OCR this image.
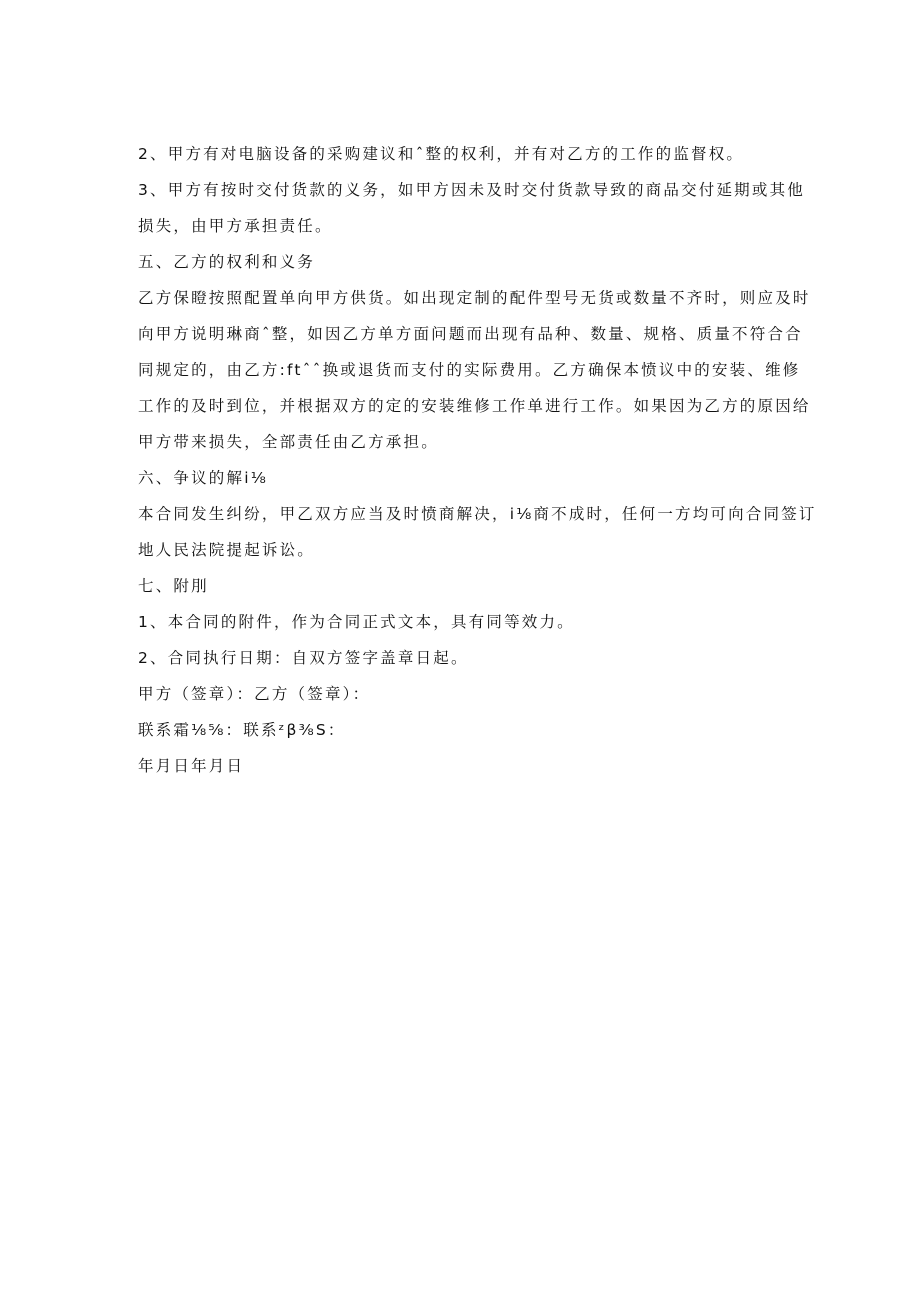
2、甲方有对电脑设备的采购建议和ˆ整的权利，并有对乙方的工作的监督权。
3、甲方有按时交付货款的义务，如甲方因未及时交付货款导致的商品交付延期或其他
损失，由甲方承担责任。
五、乙方的权利和义务
乙方保瞪按照配置单向甲方供货。如出现定制的配件型号无货或数量不齐时，则应及时
向甲方说明琳商ˆ整，如因乙方单方面问题而出现有品种、数量、规格、质量不符合合
同规定的，由乙方:ftˆˆ换或退货而支付的实际费用。乙方确保本愤议中的安装、维修
工作的及时到位，并根据双方的定的安装维修工作单进行工作。如果因为乙方的原因给
甲方带来损失，全部责任由乙方承担。
六、争议的解i⅛
本合同发生纠纷，甲乙双方应当及时愤商解决，i⅛商不成时，任何一方均可向合同签订
地人民法院提起诉讼。
七、附刖
1、本合同的附件，作为合同正式文本，具有同等效力。
2、合同执行日期：自双方签字盖章日起。
甲方（签章）：乙方（签章）：
联系霜⅛⅝：联系ᶻβ⅜S：
年月日年月日
